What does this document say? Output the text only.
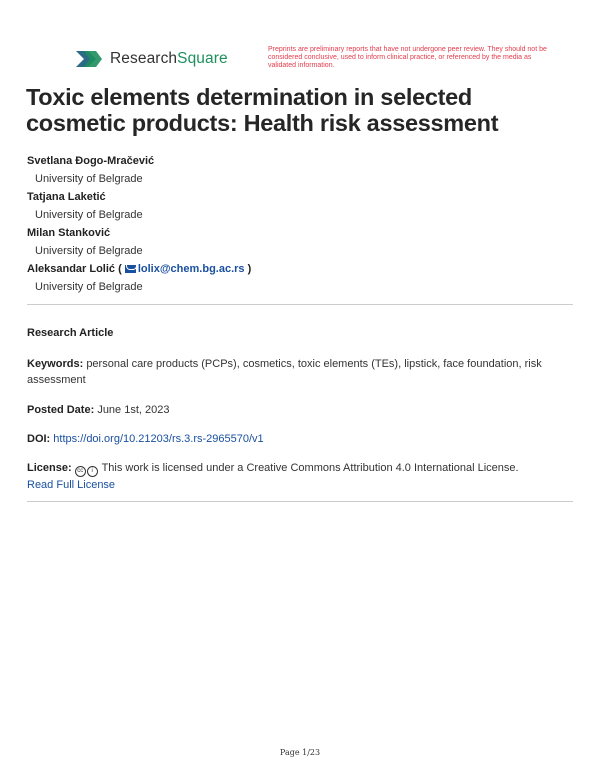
ResearchSquare
Preprints are preliminary reports that have not undergone peer review. They should not be considered conclusive, used to inform clinical practice, or referenced by the media as validated information.
Toxic elements determination in selected cosmetic products: Health risk assessment
Svetlana Đogo-Mračević
University of Belgrade
Tatjana Laketić
University of Belgrade
Milan Stanković
University of Belgrade
Aleksandar Lolić ( lolix@chem.bg.ac.rs )
University of Belgrade
Research Article
Keywords: personal care products (PCPs), cosmetics, toxic elements (TEs), lipstick, face foundation, risk assessment
Posted Date: June 1st, 2023
DOI: https://doi.org/10.21203/rs.3.rs-2965570/v1
License: cc i This work is licensed under a Creative Commons Attribution 4.0 International License.
Read Full License
Page 1/23
